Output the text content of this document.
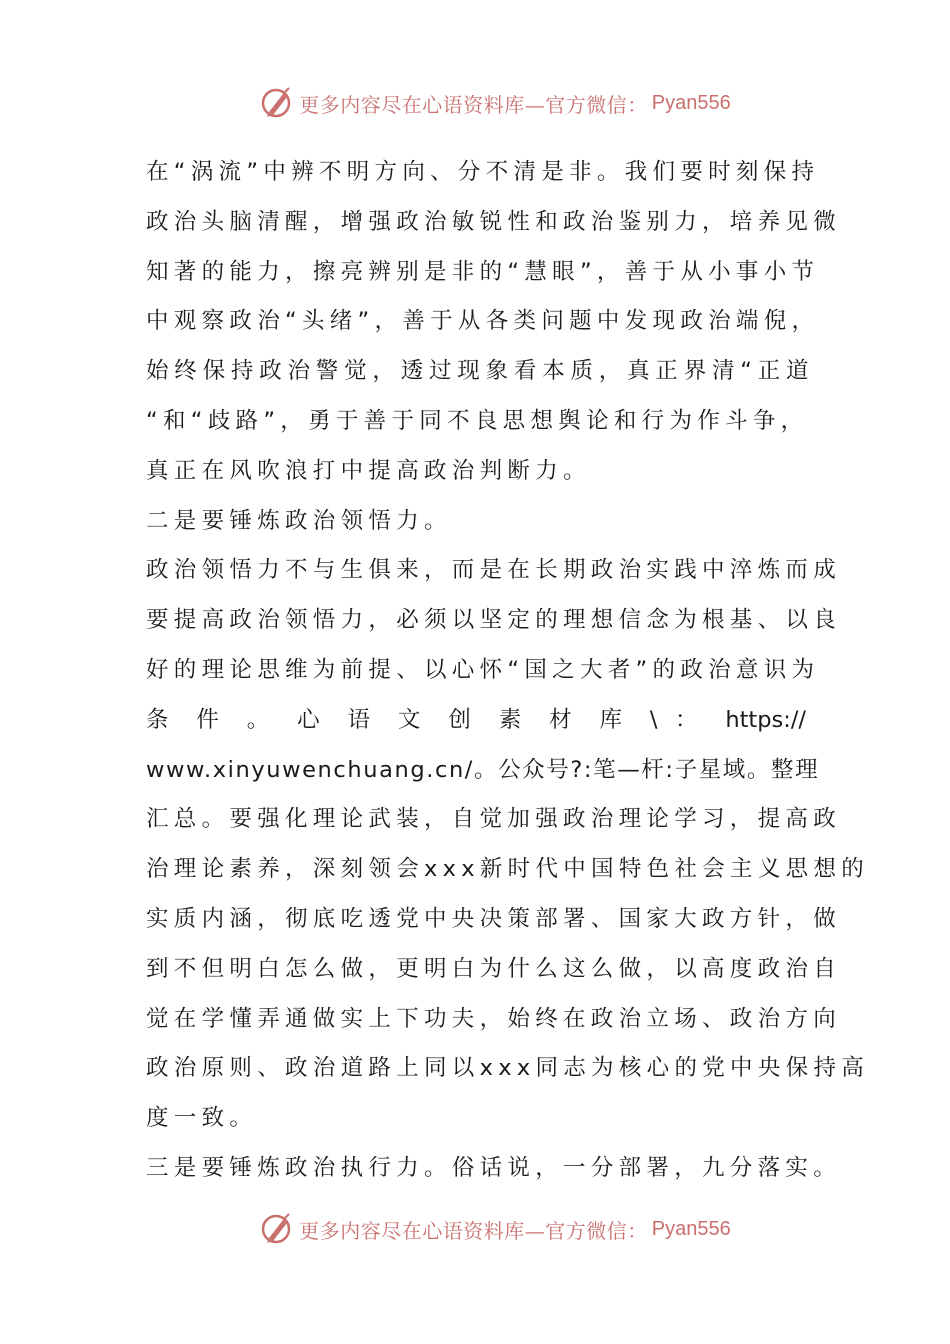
更多内容尽在心语资料库—官方微信： Pyan556
在“涡流”中辨不明方向、分不清是非。我们要时刻保持
政治头脑清醒，增强政治敏锐性和政治鉴别力，培养见微
知著的能力，擦亮辨别是非的“慧眼”，善于从小事小节
中观察政治“头绪”，善于从各类问题中发现政治端倪，
始终保持政治警觉，透过现象看本质，真正界清“正道
“和“歧路”，勇于善于同不良思想舆论和行为作斗争，
真正在风吹浪打中提高政治判断力。
二是要锤炼政治领悟力。
政治领悟力不与生俱来，而是在长期政治实践中淬炼而成
要提高政治领悟力，必须以坚定的理想信念为根基、以良
好的理论思维为前提、以心怀“国之大者”的政治意识为
条 件 。 心 语 文 创 素 材 库 \ ： https://
www.xinyuwenchuang.cn/。公众号?:笔—杆:子星域。整理
汇总。要强化理论武装，自觉加强政治理论学习，提高政
治理论素养，深刻领会xxx新时代中国特色社会主义思想的
实质内涵，彻底吃透党中央决策部署、国家大政方针，做
到不但明白怎么做，更明白为什么这么做，以高度政治自
觉在学懂弄通做实上下功夫，始终在政治立场、政治方向
政治原则、政治道路上同以xxx同志为核心的党中央保持高
度一致。
三是要锤炼政治执行力。俗话说，一分部署，九分落实。
更多内容尽在心语资料库—官方微信： Pyan556
